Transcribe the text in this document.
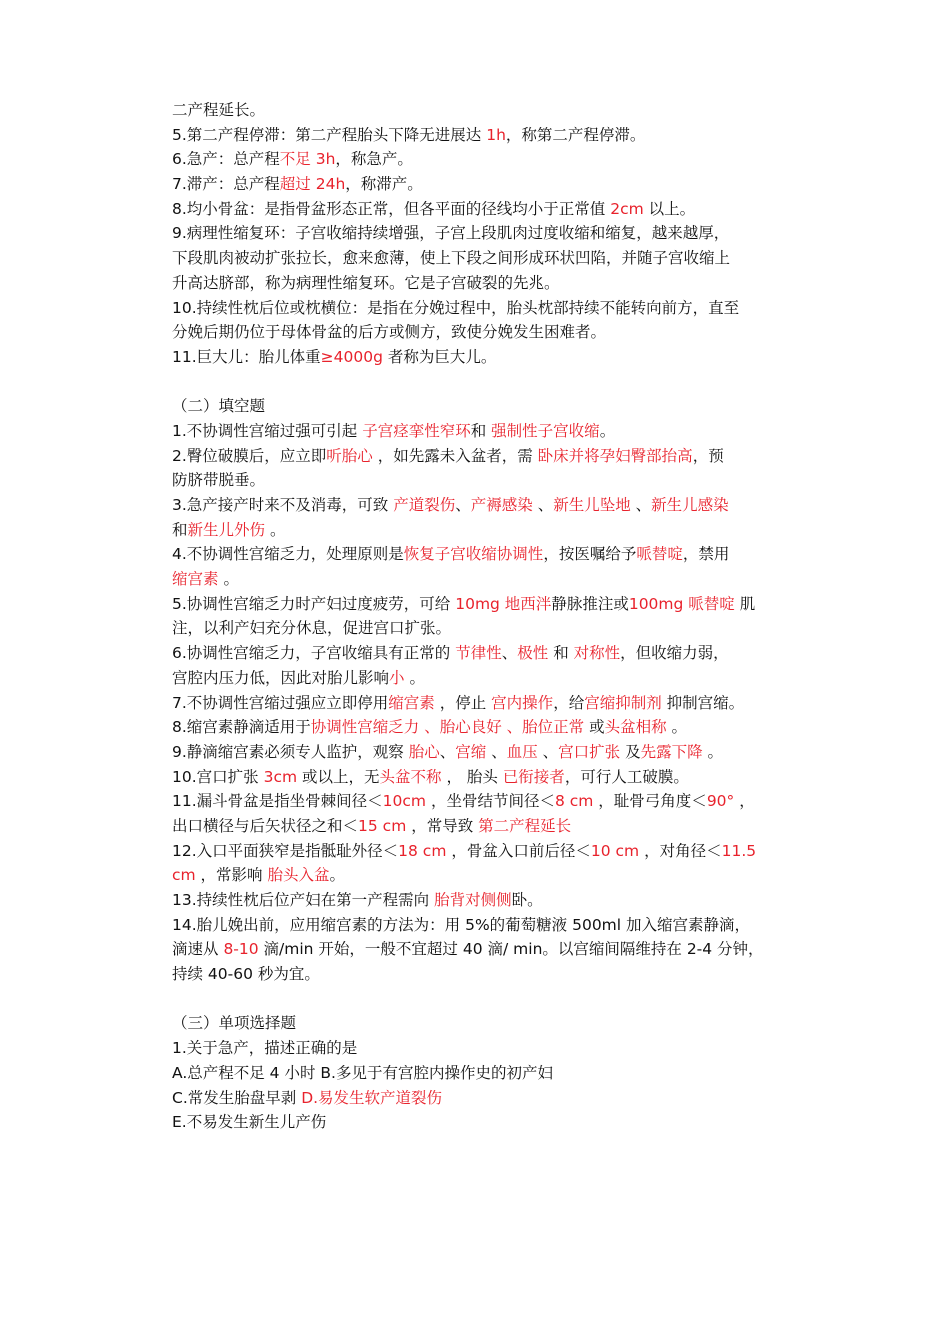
二产程延长。
5.第二产程停滞：第二产程胎头下降无进展达 1h，称第二产程停滞。
6.急产：总产程不足 3h，称急产。
7.滞产：总产程超过 24h，称滞产。
8.均小骨盆：是指骨盆形态正常，但各平面的径线均小于正常值 2cm 以上。
9.病理性缩复环：子宫收缩持续增强，子宫上段肌肉过度收缩和缩复，越来越厚，
下段肌肉被动扩张拉长，愈来愈薄，使上下段之间形成环状凹陷，并随子宫收缩上
升高达脐部，称为病理性缩复环。它是子宫破裂的先兆。
10.持续性枕后位或枕横位：是指在分娩过程中，胎头枕部持续不能转向前方，直至
分娩后期仍位于母体骨盆的后方或侧方，致使分娩发生困难者。
11.巨大儿：胎儿体重≥4000g 者称为巨大儿。
（二）填空题
1.不协调性宫缩过强可引起 子宫痉挛性窄环和 强制性子宫收缩。
2.臀位破膜后，应立即听胎心 ，如先露未入盆者，需 卧床并将孕妇臀部抬高，预
防脐带脱垂。
3.急产接产时来不及消毒，可致 产道裂伤、产褥感染 、新生儿坠地 、新生儿感染
和新生儿外伤 。
4.不协调性宫缩乏力，处理原则是恢复子宫收缩协调性，按医嘱给予哌替啶，禁用
缩宫素 。
5.协调性宫缩乏力时产妇过度疲劳，可给 10mg 地西泮静脉推注或100mg 哌替啶 肌
注，以利产妇充分休息，促进宫口扩张。
6.协调性宫缩乏力，子宫收缩具有正常的 节律性、极性 和 对称性，但收缩力弱，
宫腔内压力低，因此对胎儿影响小 。
7.不协调性宫缩过强应立即停用缩宫素 ，停止 宫内操作，给宫缩抑制剂 抑制宫缩。
8.缩宫素静滴适用于协调性宫缩乏力 、胎心良好 、胎位正常 或头盆相称 。
9.静滴缩宫素必须专人监护，观察 胎心、宫缩 、血压 、宫口扩张 及先露下降 。
10.宫口扩张 3cm 或以上，无头盆不称 ， 胎头 已衔接者，可行人工破膜。
11.漏斗骨盆是指坐骨棘间径＜10cm ，坐骨结节间径＜8 cm ，耻骨弓角度＜90° ，
出口横径与后矢状径之和＜15 cm ，常导致 第二产程延长
12.入口平面狭窄是指骶耻外径＜18 cm ，骨盆入口前后径＜10 cm ，对角径＜11.5
cm ，常影响 胎头入盆。
13.持续性枕后位产妇在第一产程需向 胎背对侧侧卧。
14.胎儿娩出前，应用缩宫素的方法为：用 5%的葡萄糖液 500ml 加入缩宫素静滴，
滴速从 8-10 滴/min 开始，一般不宜超过 40 滴/ min。以宫缩间隔维持在 2-4 分钟，
持续 40-60 秒为宜。
（三）单项选择题
1.关于急产，描述正确的是
A.总产程不足 4 小时 B.多见于有宫腔内操作史的初产妇
C.常发生胎盘早剥 D.易发生软产道裂伤
E.不易发生新生儿产伤
